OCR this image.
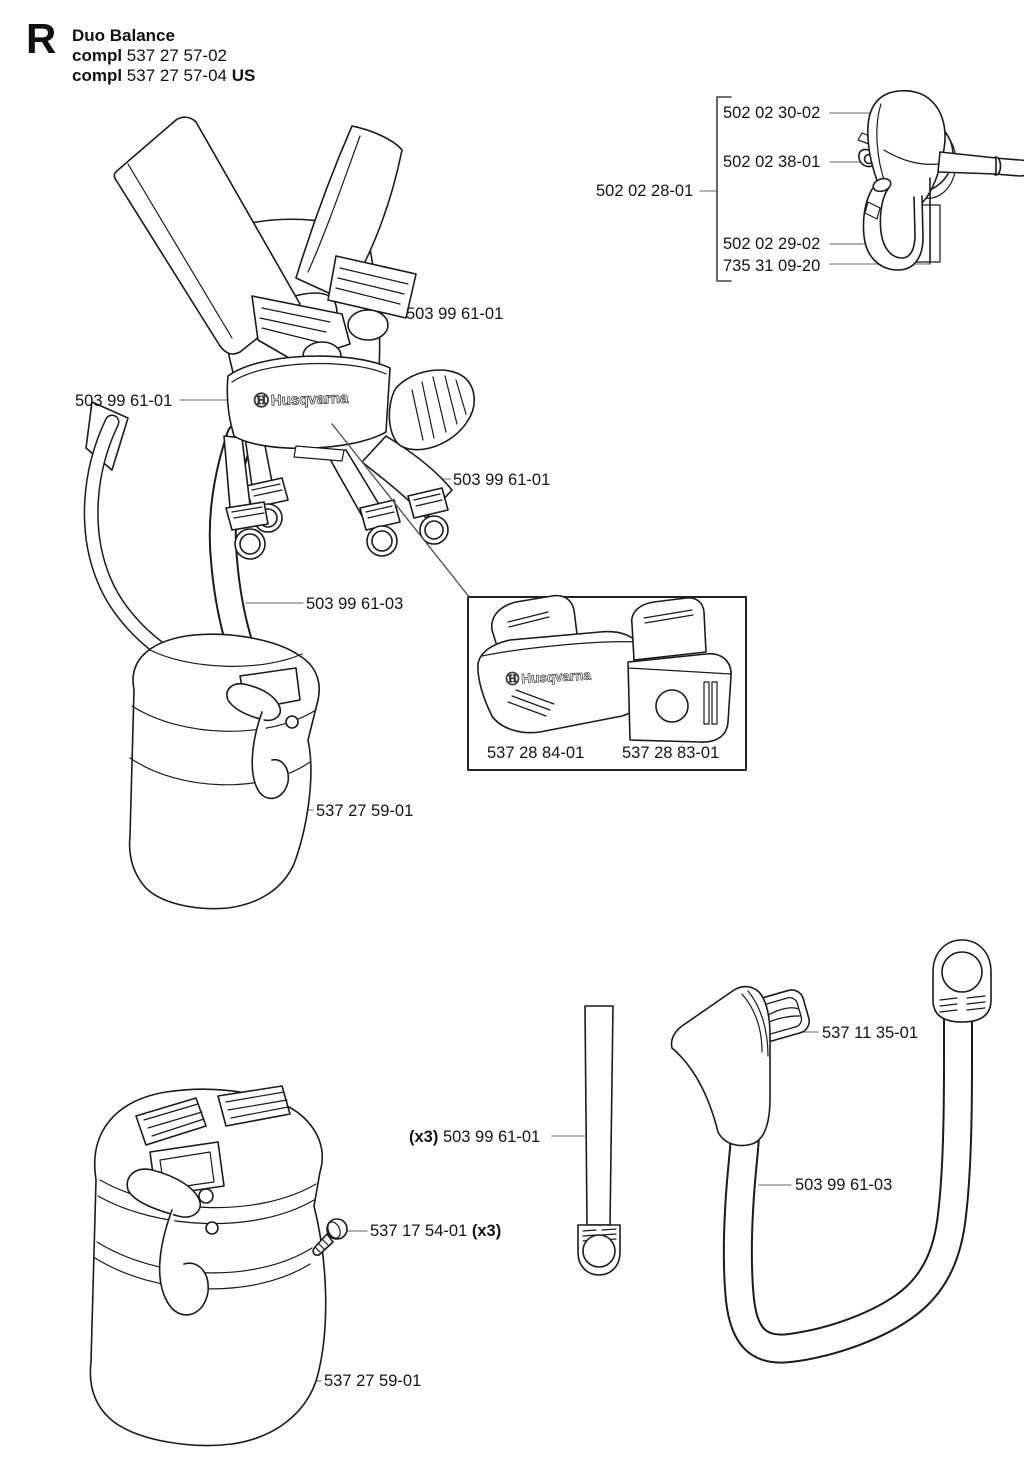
ⒽHusqvarna
ⒽHusqvarna
R Duo Balance
compl 537 27 57-02
compl 537 27 57-04 US
502 02 30-02
502 02 38-01
502 02 28-01
502 02 29-02
735 31 09-20
503 99 61-01
503 99 61-01
503 99 61-01
503 99 61-03
537 27 59-01
537 28 84-01 537 28 83-01
537 27 59-01
537 17 54-01 (x3)
(x3) 503 99 61-01
537 11 35-01
503 99 61-03
